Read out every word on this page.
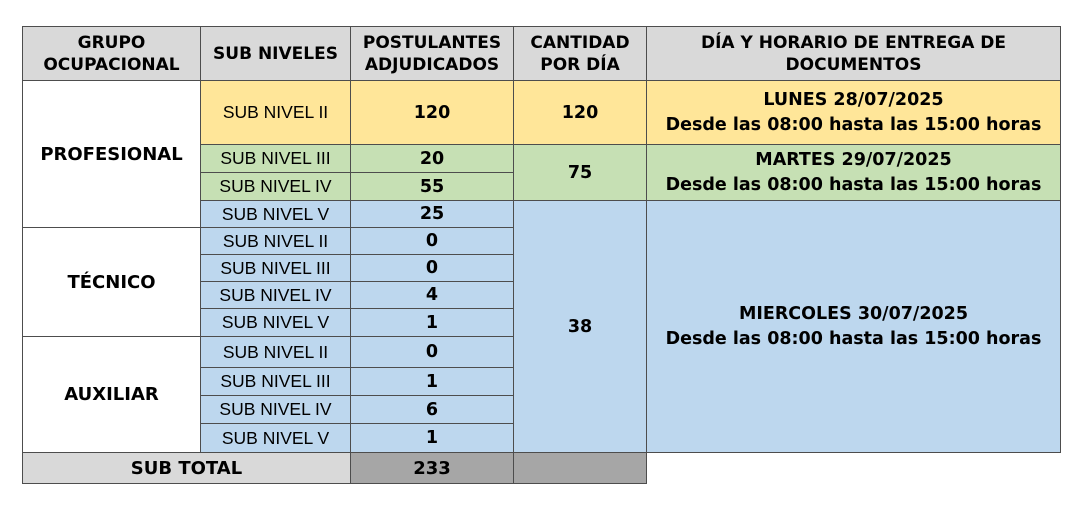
GRUPO OCUPACIONAL	SUB NIVELES	POSTULANTES ADJUDICADOS	CANTIDAD POR DÍA	DÍA Y HORARIO DE ENTREGA DE DOCUMENTOS
PROFESIONAL	SUB NIVEL II	120	120	LUNES 28/07/2025
Desde las 08:00 hasta las 15:00 horas

	SUB NIVEL III	20	75	MARTES 29/07/2025
Desde las 08:00 hasta las 15:00 horas

	SUB NIVEL IV	55		
	SUB NIVEL V	25	38	MIERCOLES 30/07/2025
Desde las 08:00 hasta las 15:00 horas

TÉCNICO	SUB NIVEL II	0		
	SUB NIVEL III	0		
	SUB NIVEL IV	4		
	SUB NIVEL V	1		
AUXILIAR	SUB NIVEL II	0		
	SUB NIVEL III	1		
	SUB NIVEL IV	6		
	SUB NIVEL V	1		
SUB TOTAL		233		
